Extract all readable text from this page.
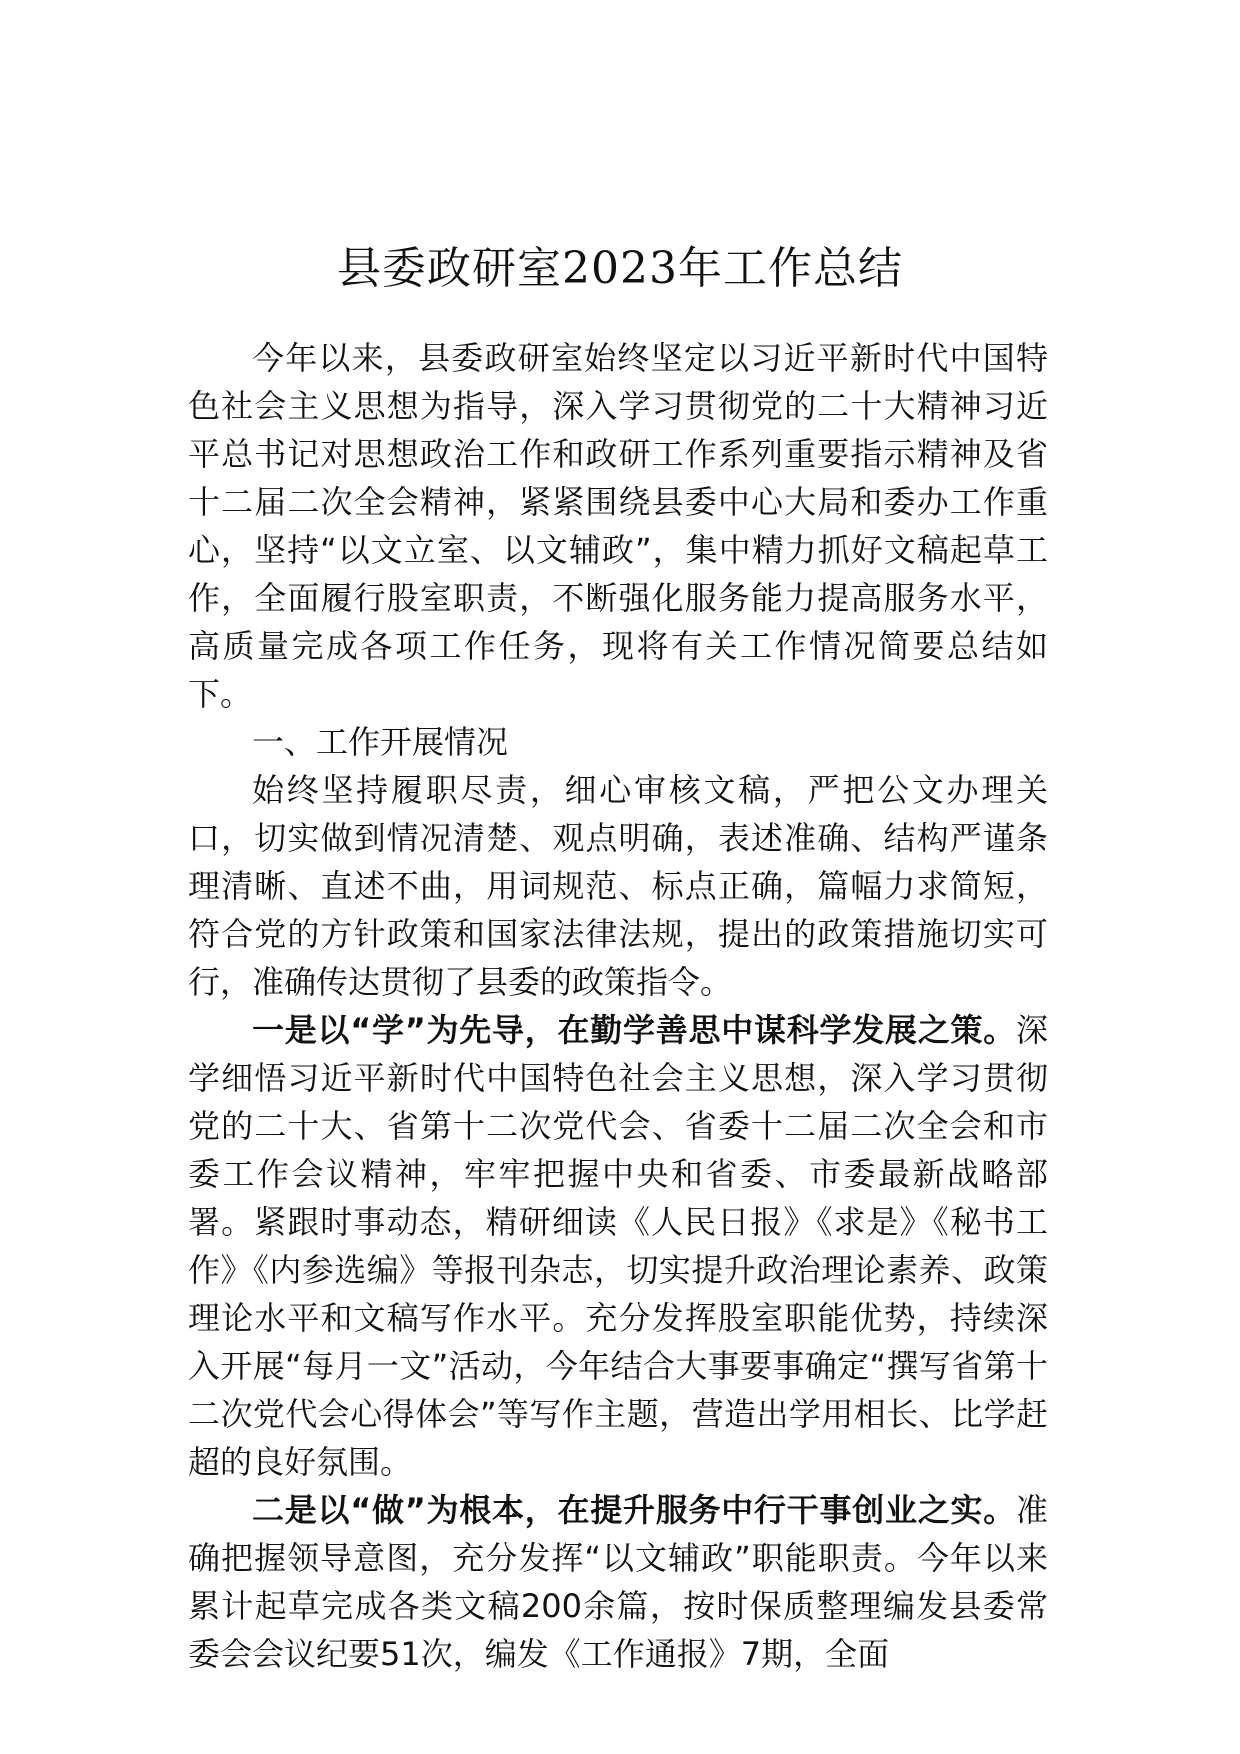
县委政研室2023年工作总结

今年以来，县委政研室始终坚定以习近平新时代中国特色社会主义思想为指导，深入学习贯彻党的二十大精神习近平总书记对思想政治工作和政研工作系列重要指示精神及省十二届二次全会精神，紧紧围绕县委中心大局和委办工作重心，坚持“以文立室、以文辅政”，集中精力抓好文稿起草工作，全面履行股室职责，不断强化服务能力提高服务水平，高质量完成各项工作任务，现将有关工作情况简要总结如下。

一、工作开展情况

始终坚持履职尽责，细心审核文稿，严把公文办理关口，切实做到情况清楚、观点明确，表述准确、结构严谨条理清晰、直述不曲，用词规范、标点正确，篇幅力求简短，符合党的方针政策和国家法律法规，提出的政策措施切实可行，准确传达贯彻了县委的政策指令。

一是以“学”为先导，在勤学善思中谋科学发展之策。深学细悟习近平新时代中国特色社会主义思想，深入学习贯彻党的二十大、省第十二次党代会、省委十二届二次全会和市委工作会议精神，牢牢把握中央和省委、市委最新战略部署。紧跟时事动态，精研细读《人民日报》《求是》《秘书工作》《内参选编》等报刊杂志，切实提升政治理论素养、政策理论水平和文稿写作水平。充分发挥股室职能优势，持续深入开展“每月一文”活动，今年结合大事要事确定“撰写省第十二次党代会心得体会”等写作主题，营造出学用相长、比学赶超的良好氛围。

二是以“做”为根本，在提升服务中行干事创业之实。准确把握领导意图，充分发挥“以文辅政”职能职责。今年以来累计起草完成各类文稿200余篇，按时保质整理编发县委常委会会议纪要51次，编发《工作通报》7期，全面
